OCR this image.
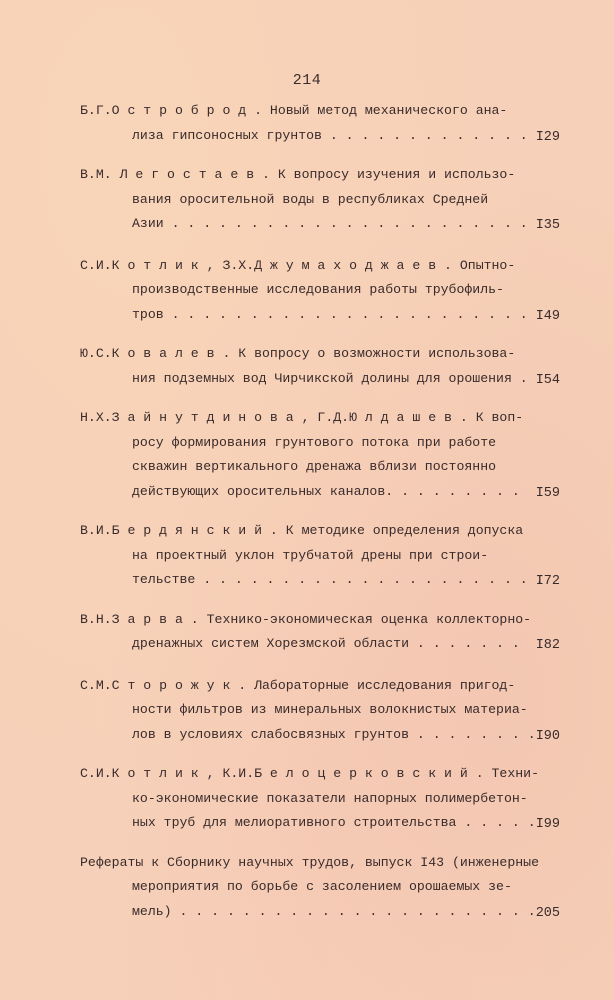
214
Б.Г.О с т р о б р о д . Новый метод механического ана-
лиза гипсоносных грунтов . . . . . . . . . . . . . I29
В.М. Л е г о с т а е в . К вопросу изучения и использо-
вания оросительной воды в республиках Средней
Азии . . . . . . . . . . . . . . . . . . . . . . . I35
С.И.К о т л и к , З.Х.Д ж у м а х о д ж а е в . Опытно-
производственные исследования работы трубофиль-
тров . . . . . . . . . . . . . . . . . . . . . . . I49
Ю.С.К о в а л е в . К вопросу о возможности использова-
ния подземных вод Чирчикской долины для орошения . I54
Н.Х.З а й н у т д и н о в а , Г.Д.Ю л д а ш е в . К воп-
росу формирования грунтового потока при работе
скважин вертикального дренажа вблизи постоянно
действующих оросительных каналов. . . . . . . . . I59
В.И.Б е р д я н с к и й . К методике определения допуска
на проектный уклон трубчатой дрены при строи-
тельстве . . . . . . . . . . . . . . . . . . . . . .
I72
В.Н.З а р в а . Технико-экономическая оценка коллекторно-
дренажных систем Хорезмской области . . . . . . . I82
С.М.С т о р о ж у к . Лабораторные исследования пригод-
ности фильтров из минеральных волокнистых материа-
лов в условиях слабосвязных грунтов . . . . . . . . I90
С.И.К о т л и к , К.И.Б е л о ц е р к о в с к и й . Техни-
ко-экономические показатели напорных полимербетон-
ных труб для мелиоративного строительства . . . . . I99
Рефераты к Сборнику научных трудов, выпуск I43 (инженерные
мероприятия по борьбе с засолением орошаемых зе-
мель) . . . . . . . . . . . . . . . . . . . . . . . 205
